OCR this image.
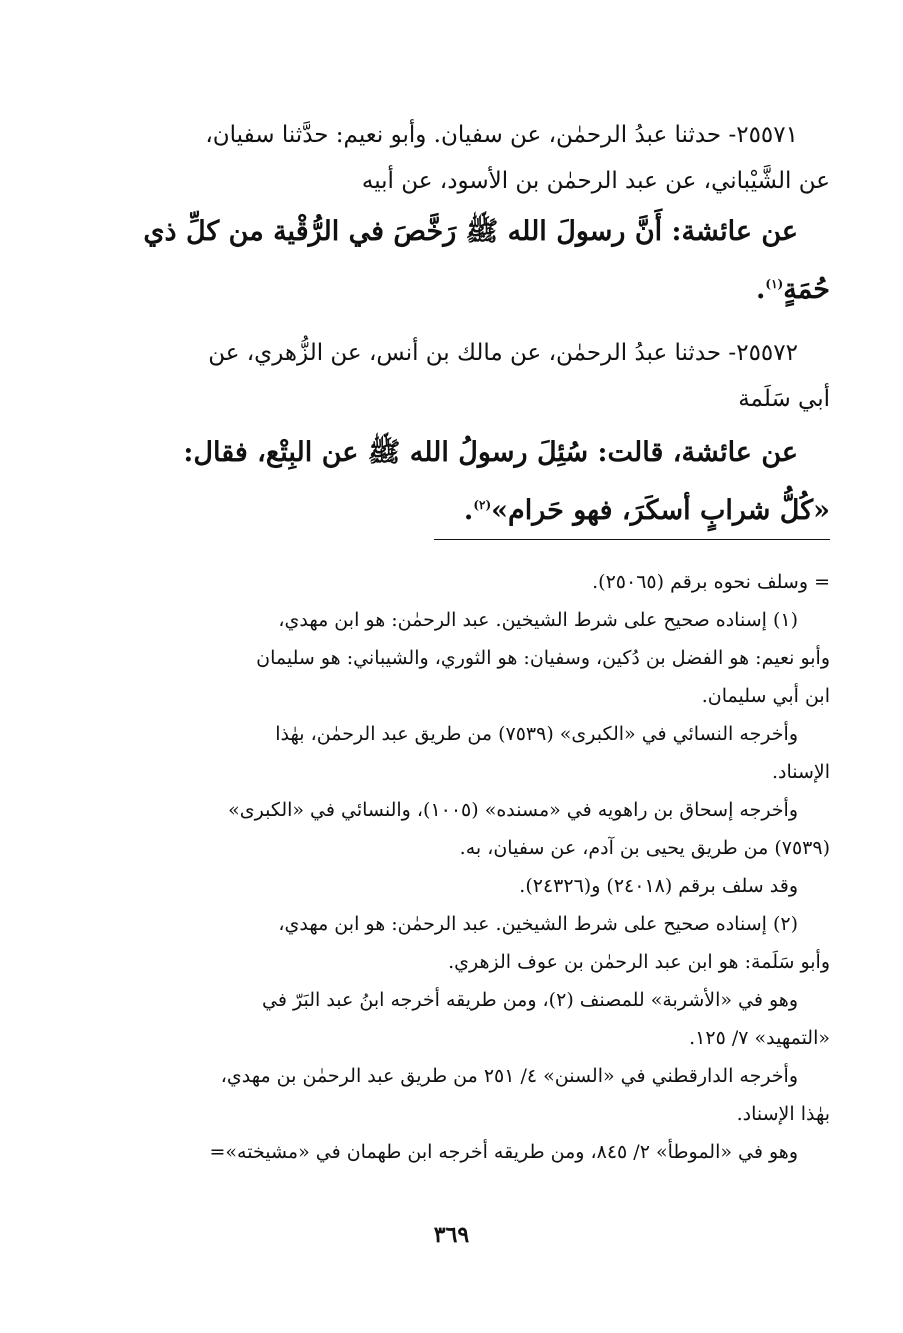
٢٥٥٧١- حدثنا عبدُ الرحمٰن، عن سفيان. وأبو نعيم: حدَّثنا سفيان،
عن الشَّيْباني، عن عبد الرحمٰن بن الأسود، عن أبيه
عن عائشة: أَنَّ رسولَ الله ﷺ رَخَّصَ في الرُّقْية من كلِّ ذي
حُمَةٍ$^{(١)}$.
٢٥٥٧٢- حدثنا عبدُ الرحمٰن، عن مالك بن أنس، عن الزُّهري، عن
أبي سَلَمة
عن عائشة، قالت: سُئِلَ رسولُ الله ﷺ عن البِتْع، فقال:
«كُلُّ شرابٍ أسكَرَ، فهو حَرام»$^{(٢)}$.
= وسلف نحوه برقم (٢٥٠٦٥).
(١) إسناده صحيح على شرط الشيخين. عبد الرحمٰن: هو ابن مهدي،
وأبو نعيم: هو الفضل بن دُكين، وسفيان: هو الثوري، والشيباني: هو سليمان
ابن أبي سليمان.
وأخرجه النسائي في «الكبرى» (٧٥٣٩) من طريق عبد الرحمٰن، بهٰذا
الإسناد.
وأخرجه إسحاق بن راهويه في «مسنده» (١٠٠٥)، والنسائي في «الكبرى»
(٧٥٣٩) من طريق يحيى بن آدم، عن سفيان، به.
وقد سلف برقم (٢٤٠١٨) و(٢٤٣٢٦).
(٢) إسناده صحيح على شرط الشيخين. عبد الرحمٰن: هو ابن مهدي،
وأبو سَلَمة: هو ابن عبد الرحمٰن بن عوف الزهري.
وهو في «الأشربة» للمصنف (٢)، ومن طريقه أخرجه ابنُ عبد البَرّ في
«التمهيد» ٧/ ١٢٥.
وأخرجه الدارقطني في «السنن» ٤/ ٢٥١ من طريق عبد الرحمٰن بن مهدي،
بهٰذا الإسناد.
وهو في «الموطأ» ٢/ ٨٤٥، ومن طريقه أخرجه ابن طهمان في «مشيخته»=
٣٦٩
